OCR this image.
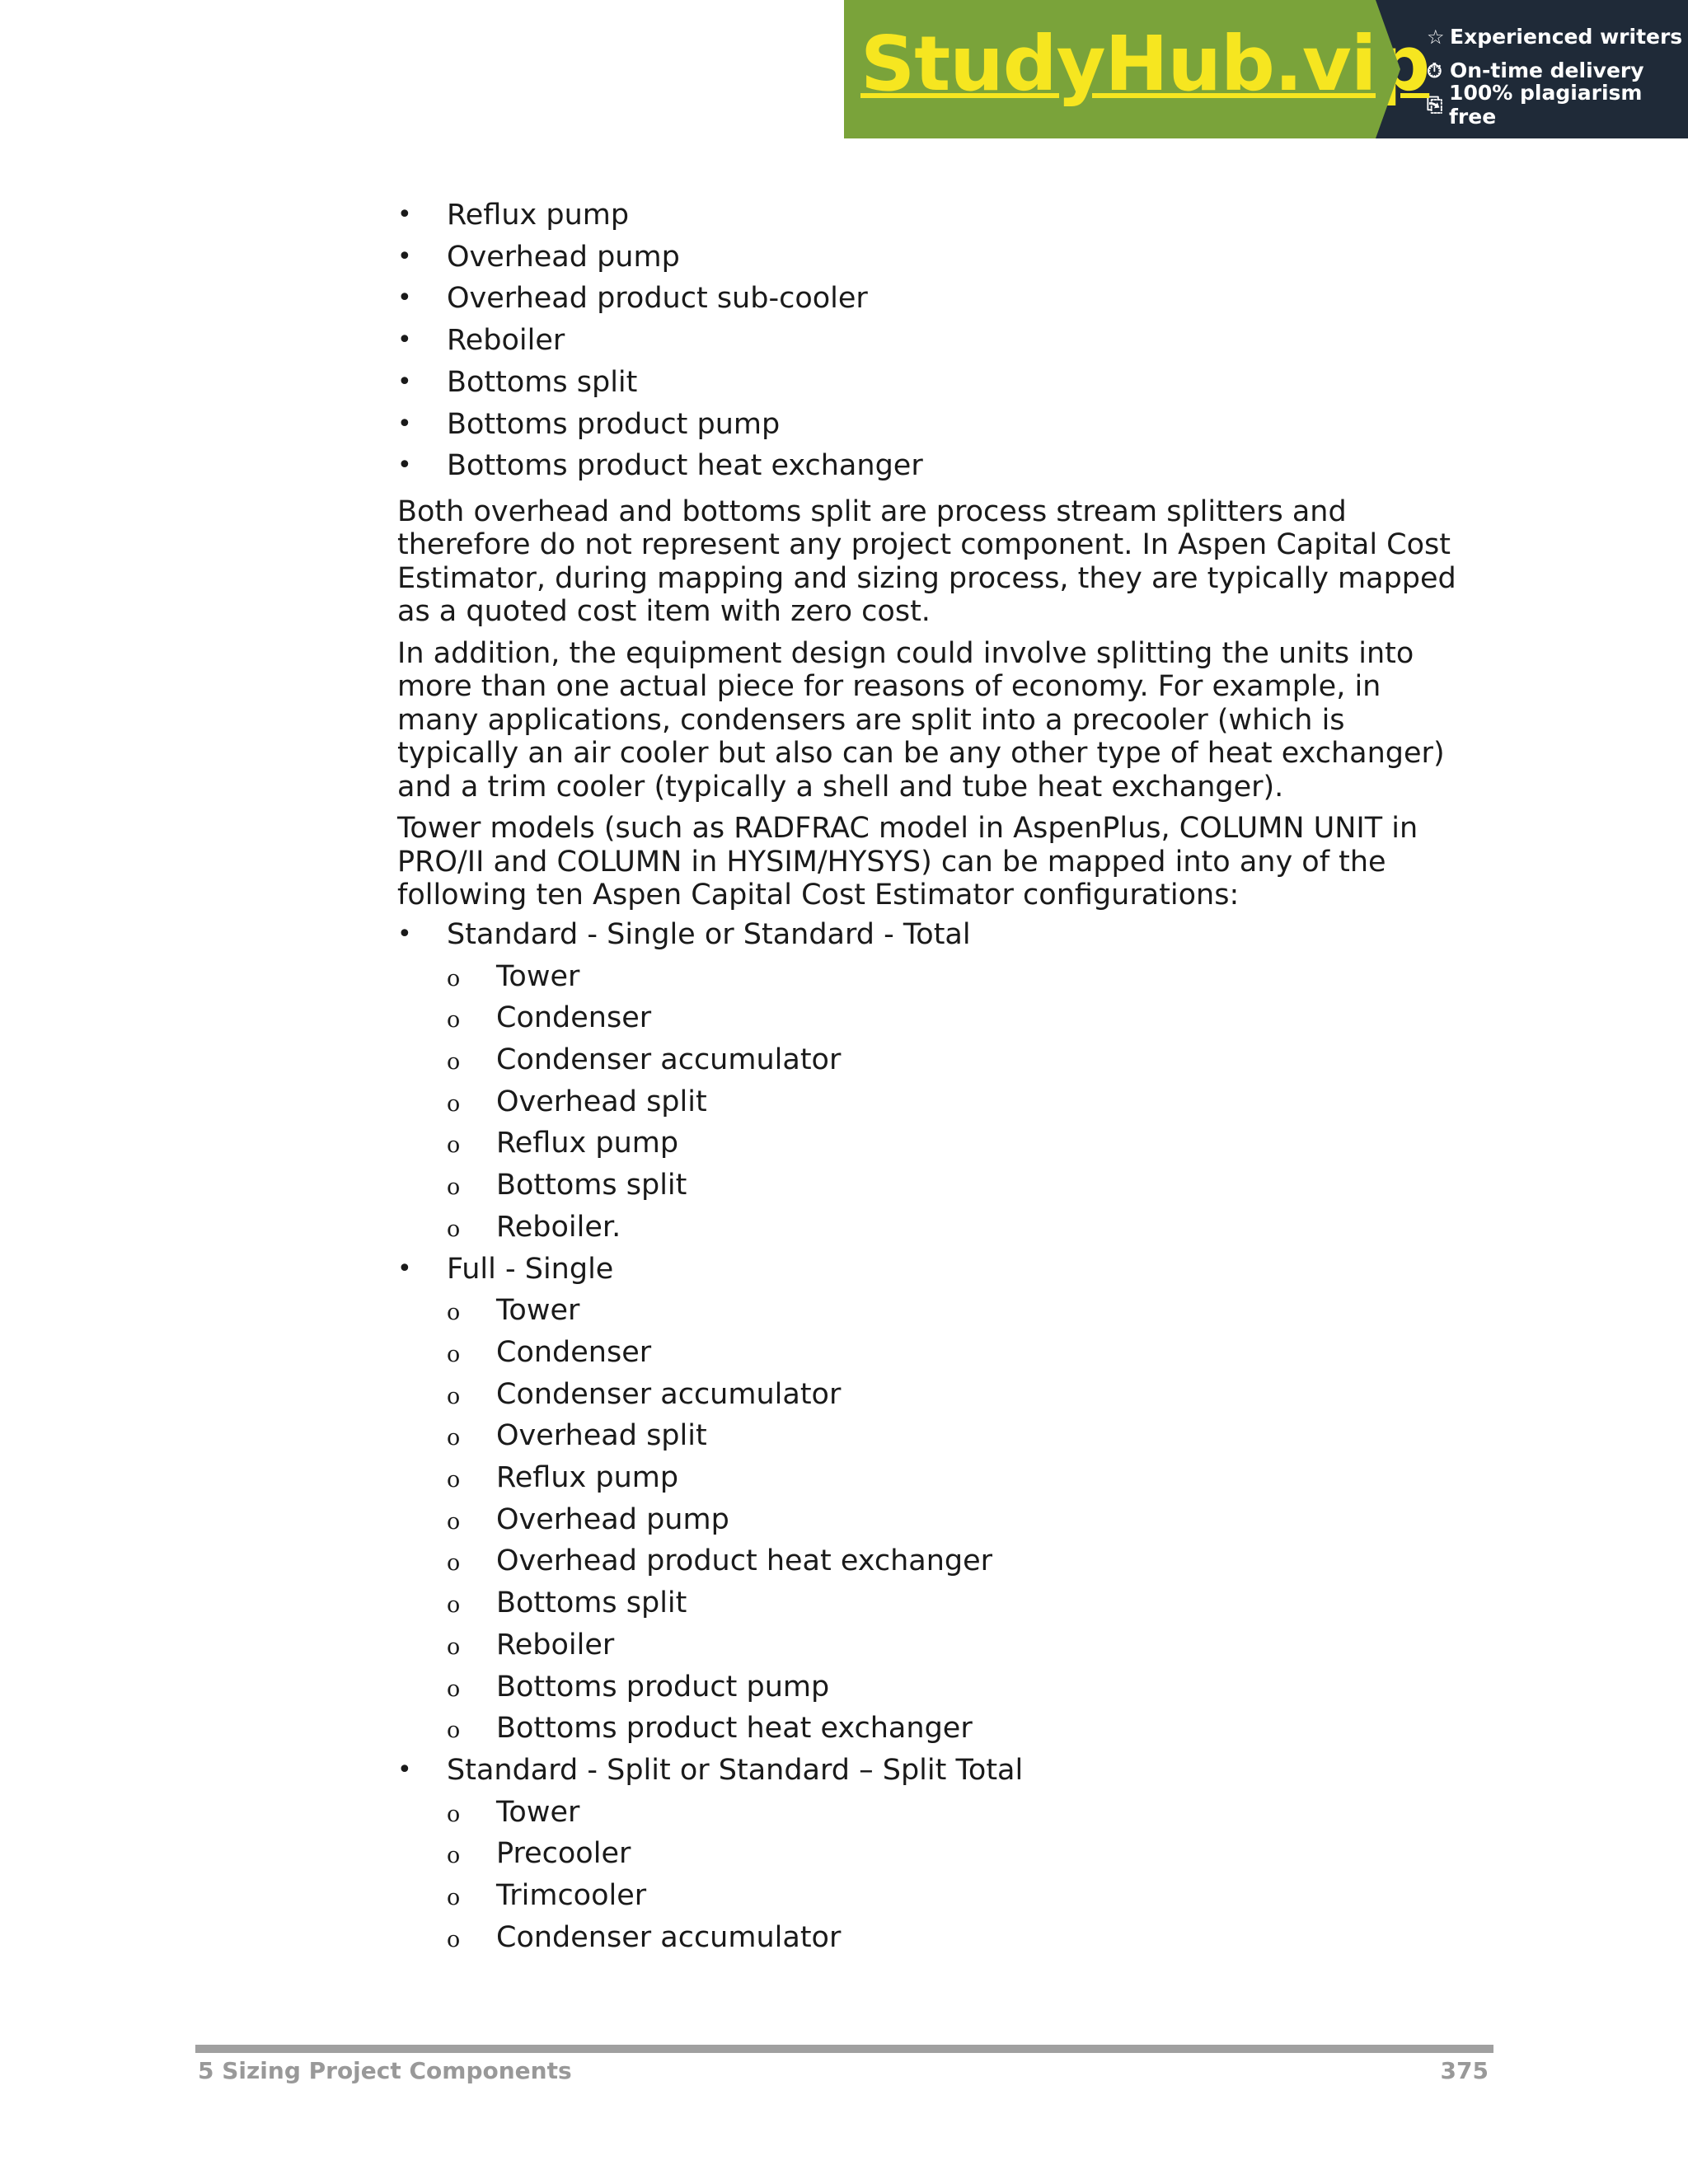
StudyHub.vip
☆ Experienced writers
⏱ On-time delivery
⎘ 100% plagiarism free
• Reflux pump
• Overhead pump
• Overhead product sub-cooler
• Reboiler
• Bottoms split
• Bottoms product pump
• Bottoms product heat exchanger

Both overhead and bottoms split are process stream splitters and therefore do not represent any project component. In Aspen Capital Cost Estimator, during mapping and sizing process, they are typically mapped as a quoted cost item with zero cost.

In addition, the equipment design could involve splitting the units into more than one actual piece for reasons of economy. For example, in many applications, condensers are split into a precooler (which is typically an air cooler but also can be any other type of heat exchanger) and a trim cooler (typically a shell and tube heat exchanger).

Tower models (such as RADFRAC model in AspenPlus, COLUMN UNIT in PRO/II and COLUMN in HYSIM/HYSYS) can be mapped into any of the following ten Aspen Capital Cost Estimator configurations:

• Standard - Single or Standard - Total
o Tower
o Condenser
o Condenser accumulator
o Overhead split
o Reflux pump
o Bottoms split
o Reboiler.
• Full - Single
o Tower
o Condenser
o Condenser accumulator
o Overhead split
o Reflux pump
o Overhead pump
o Overhead product heat exchanger
o Bottoms split
o Reboiler
o Bottoms product pump
o Bottoms product heat exchanger
• Standard - Split or Standard – Split Total
o Tower
o Precooler
o Trimcooler
o Condenser accumulator
5 Sizing Project Components	375
